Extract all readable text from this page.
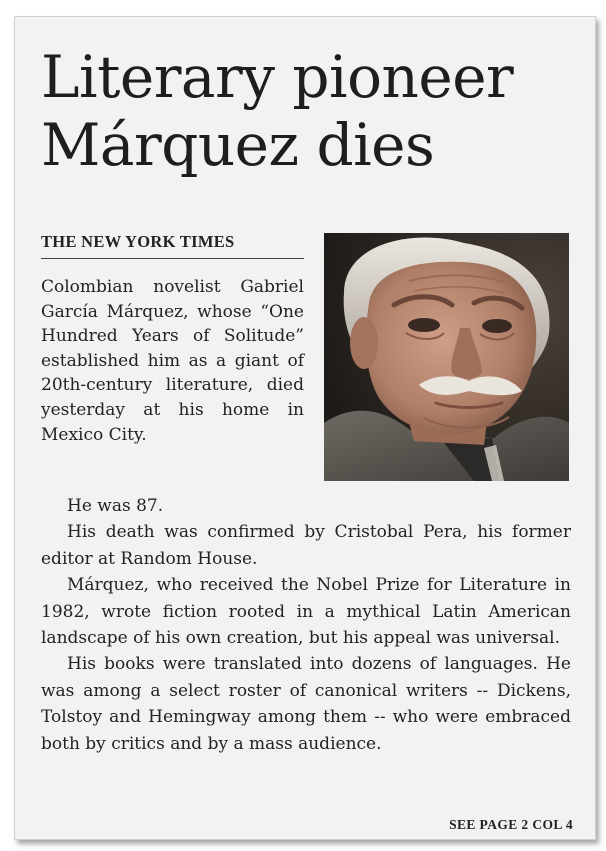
Literary pioneer
Márquez dies
THE NEW YORK TIMES

Colombian novelist Gabriel García Márquez, whose “One Hundred Years of Solitude” established him as a giant of 20th-century literature, died yesterday at his home in Mexico City.

He was 87.

His death was confirmed by Cristobal Pera, his former editor at Random House.

Márquez, who received the Nobel Prize for Literature in 1982, wrote fiction rooted in a mythical Latin American landscape of his own creation, but his appeal was universal.

His books were translated into dozens of languages. He was among a select roster of canonical writers -- Dickens, Tolstoy and Hemingway among them -- who were embraced both by critics and by a mass audience.

SEE PAGE 2 COL 4
